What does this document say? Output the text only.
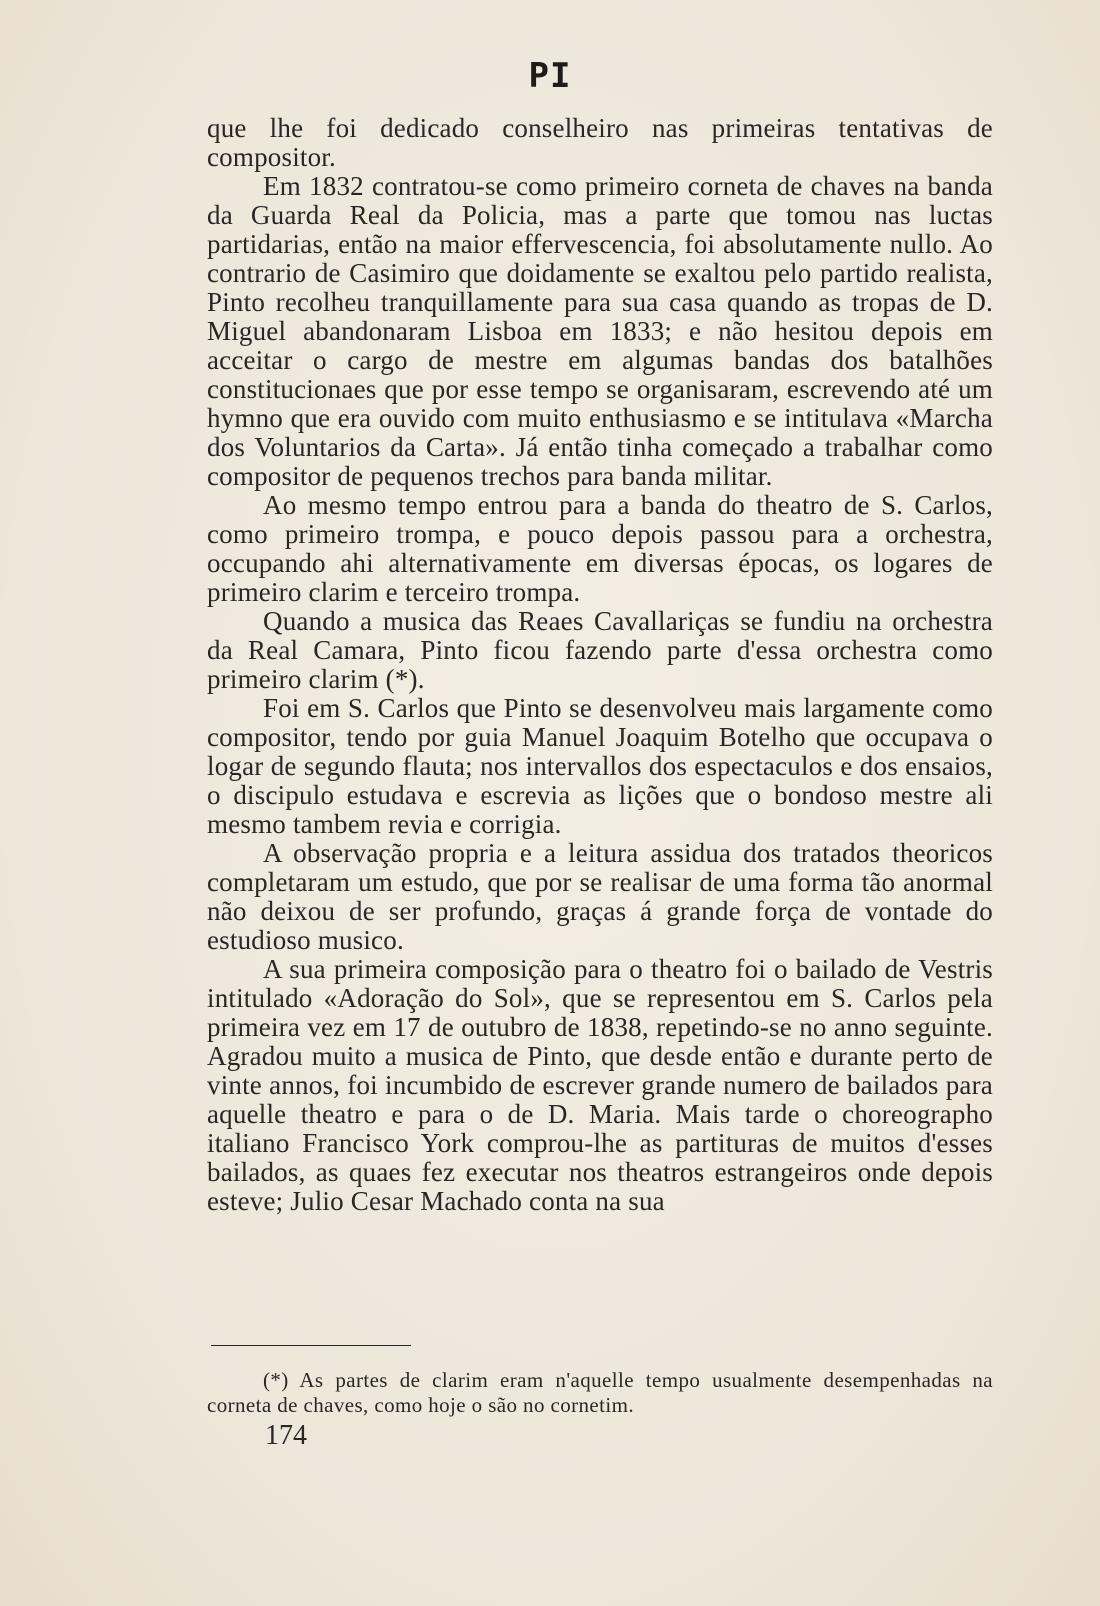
PI

que lhe foi dedicado conselheiro nas primeiras tentativas de compositor.

Em 1832 contratou-se como primeiro corneta de chaves na banda da Guarda Real da Policia, mas a parte que tomou nas luctas partidarias, então na maior effervescencia, foi absolutamente nullo. Ao contrario de Casimiro que doidamente se exaltou pelo partido realista, Pinto recolheu tranquillamente para sua casa quando as tropas de D. Miguel abandonaram Lisboa em 1833; e não hesitou depois em acceitar o cargo de mestre em algumas bandas dos batalhões constitucionaes que por esse tempo se organisaram, escrevendo até um hymno que era ouvido com muito enthusiasmo e se intitulava «Marcha dos Voluntarios da Carta». Já então tinha começado a trabalhar como compositor de pequenos trechos para banda militar.

Ao mesmo tempo entrou para a banda do theatro de S. Carlos, como primeiro trompa, e pouco depois passou para a orchestra, occupando ahi alternativamente em diversas épocas, os logares de primeiro clarim e terceiro trompa.

Quando a musica das Reaes Cavallariças se fundiu na orchestra da Real Camara, Pinto ficou fazendo parte d'essa orchestra como primeiro clarim (*).

Foi em S. Carlos que Pinto se desenvolveu mais largamente como compositor, tendo por guia Manuel Joaquim Botelho que occupava o logar de segundo flauta; nos intervallos dos espectaculos e dos ensaios, o discipulo estudava e escrevia as lições que o bondoso mestre ali mesmo tambem revia e corrigia.

A observação propria e a leitura assidua dos tratados theoricos completaram um estudo, que por se realisar de uma forma tão anormal não deixou de ser profundo, graças á grande força de vontade do estudioso musico.

A sua primeira composição para o theatro foi o bailado de Vestris intitulado «Adoração do Sol», que se representou em S. Carlos pela primeira vez em 17 de outubro de 1838, repetindo-se no anno seguinte. Agradou muito a musica de Pinto, que desde então e durante perto de vinte annos, foi incumbido de escrever grande numero de bailados para aquelle theatro e para o de D. Maria. Mais tarde o choreographo italiano Francisco York comprou-lhe as partituras de muitos d'esses bailados, as quaes fez executar nos theatros estrangeiros onde depois esteve; Julio Cesar Machado conta na sua

(*) As partes de clarim eram n'aquelle tempo usualmente desempenhadas na corneta de chaves, como hoje o são no cornetim.

174
